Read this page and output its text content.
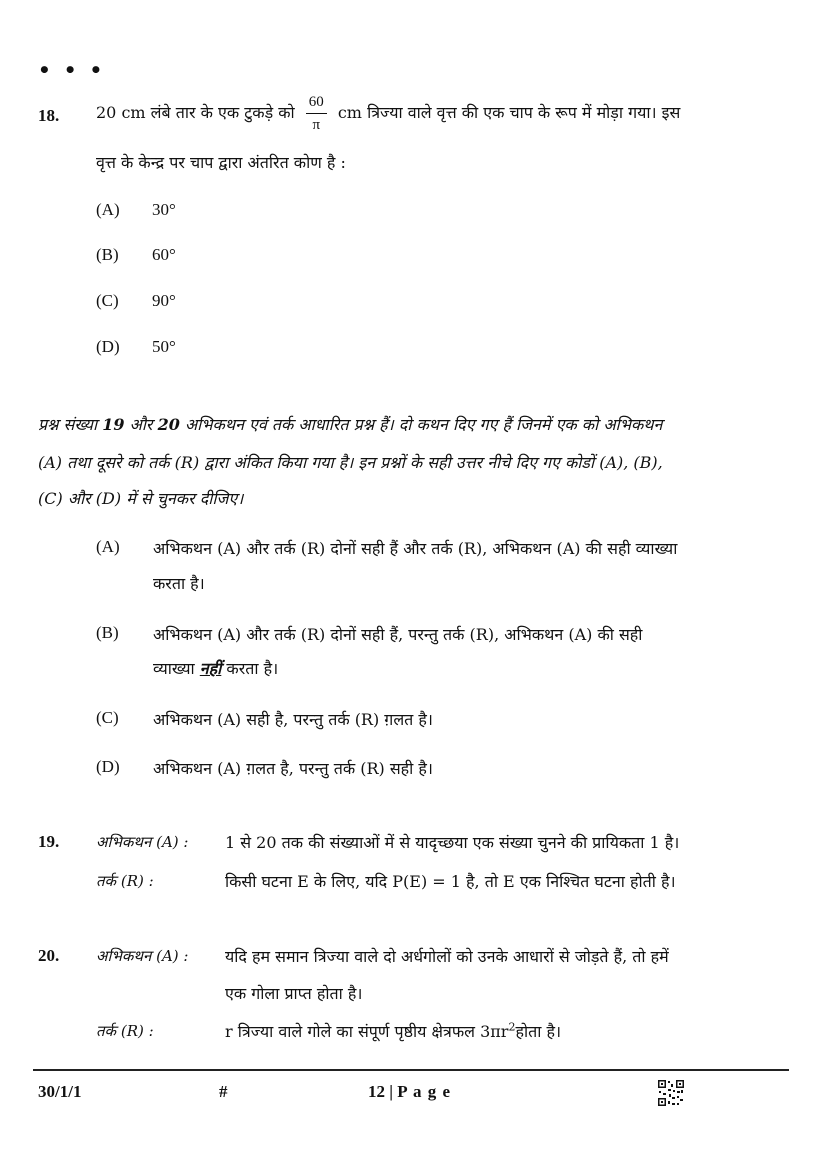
• • •
18. 20 cm लंबे तार के एक टुकड़े को $\frac{60}{\pi}$ cm त्रिज्या वाले वृत्त की एक चाप के रूप में मोड़ा गया। इस
वृत्त के केन्द्र पर चाप द्वारा अंतरित कोण है :
(A) 30°
(B) 60°
(C) 90°
(D) 50°
प्रश्न संख्या 19 और 20 अभिकथन एवं तर्क आधारित प्रश्न हैं। दो कथन दिए गए हैं जिनमें एक को अभिकथन
(A) तथा दूसरे को तर्क (R) द्वारा अंकित किया गया है। इन प्रश्नों के सही उत्तर नीचे दिए गए कोडों (A), (B),
(C) और (D) में से चुनकर दीजिए।
(A) अभिकथन (A) और तर्क (R) दोनों सही हैं और तर्क (R), अभिकथन (A) की सही व्याख्या
करता है।
(B) अभिकथन (A) और तर्क (R) दोनों सही हैं, परन्तु तर्क (R), अभिकथन (A) की सही
व्याख्या नहीं करता है।
(C) अभिकथन (A) सही है, परन्तु तर्क (R) ग़लत है।
(D) अभिकथन (A) ग़लत है, परन्तु तर्क (R) सही है।
19. अभिकथन (A) : 1 से 20 तक की संख्याओं में से यादृच्छया एक संख्या चुनने की प्रायिकता 1 है।
तर्क (R) :	किसी घटना E के लिए, यदि P(E) = 1 है, तो E एक निश्चित घटना होती है।
20. अभिकथन (A) : यदि हम समान त्रिज्या वाले दो अर्धगोलों को उनके आधारों से जोड़ते हैं, तो हमें
एक गोला प्राप्त होता है।
तर्क (R) :	r त्रिज्या वाले गोले का संपूर्ण पृष्ठीय क्षेत्रफल $3\pi r^2होता$ है।
30/1/1	#	12 | P a g e
